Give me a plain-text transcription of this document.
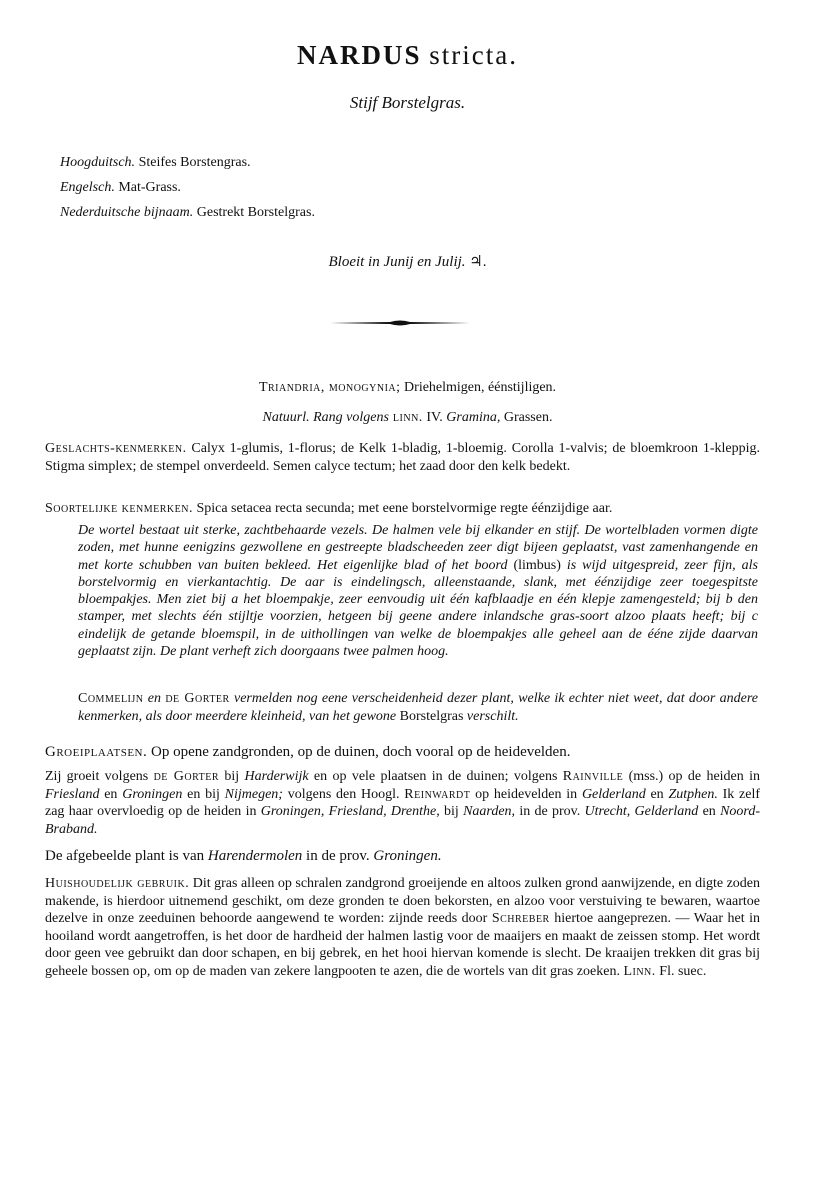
NARDUS stricta.
Stijf Borstelgras.
Hoogduitsch. Steifes Borstengras.
Engelsch. Mat-Grass.
Nederduitsche bijnaam. Gestrekt Borstelgras.
Bloeit in Junij en Julij. ♃.
Triandria, monogynia; Driehelmigen, éénstijligen.
Natuurl. Rang volgens linn. IV. Gramina, Grassen.
Geslachts-kenmerken. Calyx 1-glumis, 1-florus; de Kelk 1-bladig, 1-bloemig. Corolla 1-valvis; de bloemkroon 1-kleppig. Stigma simplex; de stempel onverdeeld. Semen calyce tectum; het zaad door den kelk bedekt.
Soortelijke kenmerken. Spica setacea recta secunda; met eene borstelvormige regte éénzijdige aar.
De wortel bestaat uit sterke, zachtbehaarde vezels. De halmen vele bij elkander en stijf. De wortelbladen vormen digte zoden, met hunne eenigzins gezwollene en gestreepte bladscheeden zeer digt bijeen geplaatst, vast zamenhangende en met korte schubben van buiten bekleed. Het eigenlijke blad of het boord (limbus) is wijd uitgespreid, zeer fijn, als borstelvormig en vierkantachtig. De aar is eindelingsch, alleenstaande, slank, met éénzijdige zeer toegespitste bloempakjes. Men ziet bij a het bloempakje, zeer eenvoudig uit één kafblaadje en één klepje zamengesteld; bij b den stamper, met slechts één stijltje voorzien, hetgeen bij geene andere inlandsche gras-soort alzoo plaats heeft; bij c eindelijk de getande bloemspil, in de uithollingen van welke de bloempakjes alle geheel aan de ééne zijde daarvan geplaatst zijn. De plant verheft zich doorgaans twee palmen hoog.
Commelijn en de Gorter vermelden nog eene verscheidenheid dezer plant, welke ik echter niet weet, dat door andere kenmerken, als door meerdere kleinheid, van het gewone Borstelgras verschilt.
Groeiplaatsen. Op opene zandgronden, op de duinen, doch vooral op de heidevelden.
Zij groeit volgens de Gorter bij Harderwijk en op vele plaatsen in de duinen; volgens Rainville (mss.) op de heiden in Friesland en Groningen en bij Nijmegen; volgens den Hoogl. Reinwardt op heidevelden in Gelderland en Zutphen. Ik zelf zag haar overvloedig op de heiden in Groningen, Friesland, Drenthe, bij Naarden, in de prov. Utrecht, Gelderland en Noord-Braband.
De afgebeelde plant is van Harendermolen in de prov. Groningen.
Huishoudelijk gebruik. Dit gras alleen op schralen zandgrond groeijende en altoos zulken grond aanwijzende, en digte zoden makende, is hierdoor uitnemend geschikt, om deze gronden te doen bekorsten, en alzoo voor verstuiving te bewaren, waartoe dezelve in onze zeeduinen behoorde aangewend te worden: zijnde reeds door Schreber hiertoe aangeprezen. — Waar het in hooiland wordt aangetroffen, is het door de hardheid der halmen lastig voor de maaijers en maakt de zeissen stomp. Het wordt door geen vee gebruikt dan door schapen, en bij gebrek, en het hooi hiervan komende is slecht. De kraaijen trekken dit gras bij geheele bossen op, om op de maden van zekere langpooten te azen, die de wortels van dit gras zoeken. Linn. Fl. suec.
